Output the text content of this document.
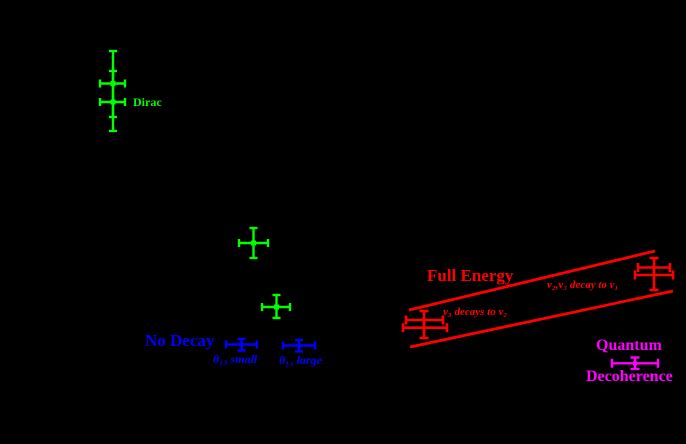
Dirac
No Decay
θ₁₃ small θ₁₃ large
Full Energy	ν₂,ν₃ decay to ν₁
ν₃ decays to ν₂
Quantum
Decoherence
